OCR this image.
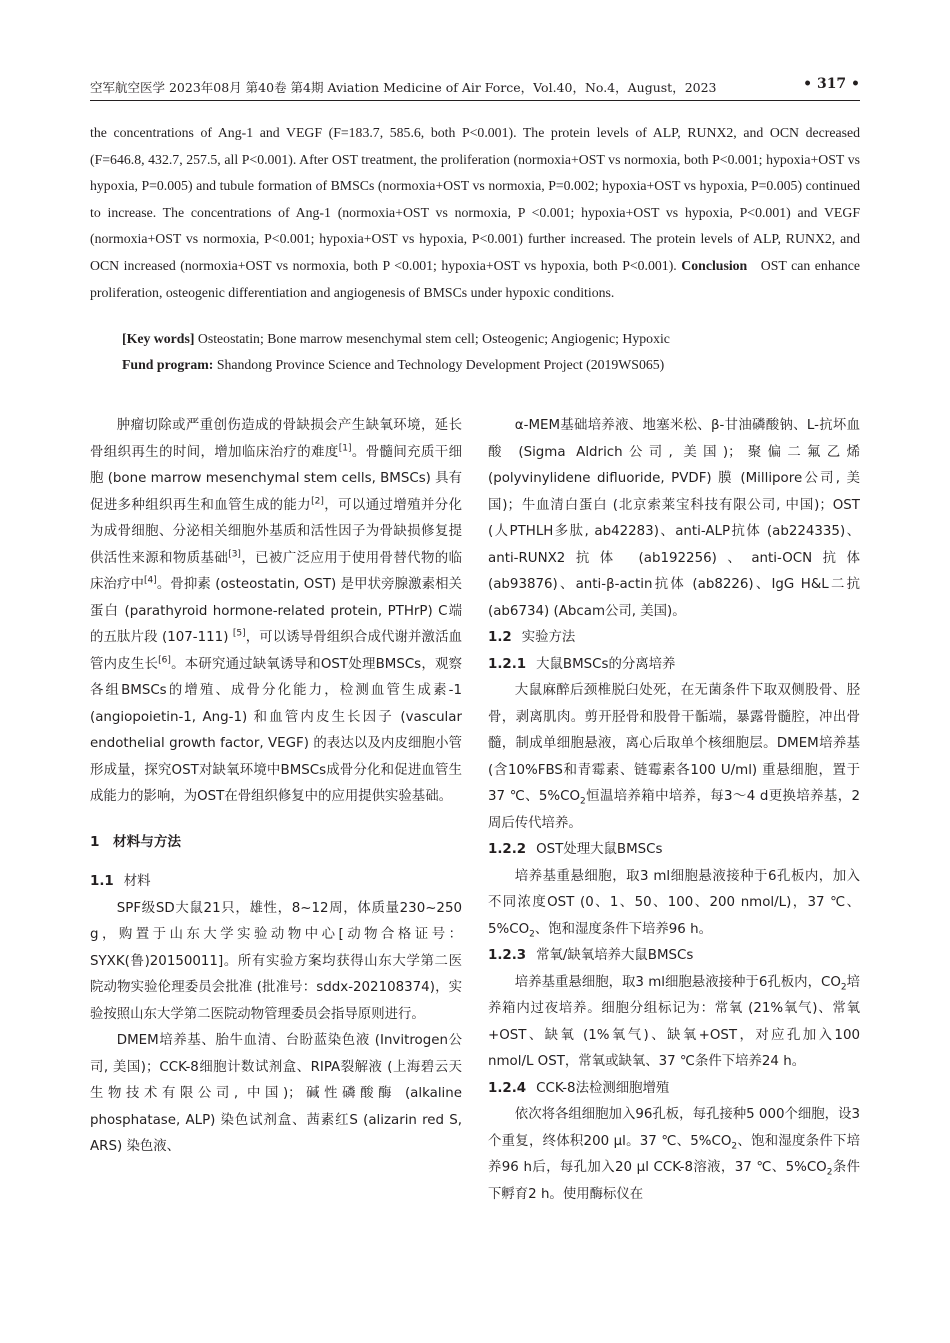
空军航空医学 2023年08月 第40卷 第4期 Aviation Medicine of Air Force，Vol.40，No.4，August，2023	• 317 •

the concentrations of Ang-1 and VEGF (F=183.7, 585.6, both P<0.001). The protein levels of ALP, RUNX2, and OCN decreased (F=646.8, 432.7, 257.5, all P<0.001). After OST treatment, the proliferation (normoxia+OST vs normoxia, both P<0.001; hypoxia+OST vs hypoxia, P=0.005) and tubule formation of BMSCs (normoxia+OST vs normoxia, P=0.002; hypoxia+OST vs hypoxia, P=0.005) continued to increase. The concentrations of Ang-1 (normoxia+OST vs normoxia, P <0.001; hypoxia+OST vs hypoxia, P<0.001) and VEGF (normoxia+OST vs normoxia, P<0.001; hypoxia+OST vs hypoxia, P<0.001) further increased. The protein levels of ALP, RUNX2, and OCN increased (normoxia+OST vs normoxia, both P <0.001; hypoxia+OST vs hypoxia, both P<0.001). Conclusion OST can enhance proliferation, osteogenic differentiation and angiogenesis of BMSCs under hypoxic conditions.

[Key words] Osteostatin; Bone marrow mesenchymal stem cell; Osteogenic; Angiogenic; Hypoxic
Fund program: Shandong Province Science and Technology Development Project (2019WS065)

肿瘤切除或严重创伤造成的骨缺损会产生缺氧环境，延长骨组织再生的时间，增加临床治疗的难度[1]。骨髓间充质干细胞 (bone marrow mesenchymal stem cells, BMSCs) 具有促进多种组织再生和血管生成的能力[2]，可以通过增殖并分化为成骨细胞、分泌相关细胞外基质和活性因子为骨缺损修复提供活性来源和物质基础[3]，已被广泛应用于使用骨替代物的临床治疗中[4]。骨抑素 (osteostatin, OST) 是甲状旁腺激素相关蛋白 (parathyroid hormone-related protein, PTHrP) C端的五肽片段 (107-111) [5]，可以诱导骨组织合成代谢并激活血管内皮生长[6]。本研究通过缺氧诱导和OST处理BMSCs，观察各组BMSCs的增殖、成骨分化能力，检测血管生成素-1 (angiopoietin-1, Ang-1) 和血管内皮生长因子 (vascular endothelial growth factor, VEGF) 的表达以及内皮细胞小管形成量，探究OST对缺氧环境中BMSCs成骨分化和促进血管生成能力的影响，为OST在骨组织修复中的应用提供实验基础。

1　材料与方法

1.1 材料

SPF级SD大鼠21只，雄性，8~12周，体质量230~250 g，购置于山东大学实验动物中心[动物合格证号：SYXK(鲁)20150011]。所有实验方案均获得山东大学第二医院动物实验伦理委员会批准 (批准号：sddx-202108374)，实验按照山东大学第二医院动物管理委员会指导原则进行。

DMEM培养基、胎牛血清、台盼蓝染色液 (Invitrogen公司, 美国)；CCK-8细胞计数试剂盒、RIPA裂解液 (上海碧云天生物技术有限公司, 中国)；碱性磷酸酶 (alkaline phosphatase, ALP) 染色试剂盒、茜素红S (alizarin red S, ARS) 染色液、

α-MEM基础培养液、地塞米松、β-甘油磷酸钠、L-抗坏血酸 (Sigma Aldrich公司, 美国)；聚偏二氟乙烯 (polyvinylidene difluoride, PVDF) 膜 (Millipore公司, 美国)；牛血清白蛋白 (北京索莱宝科技有限公司, 中国)；OST (人PTHLH多肽, ab42283)、anti-ALP抗体 (ab224335)、anti-RUNX2抗体 (ab192256)、anti-OCN抗体 (ab93876)、anti-β-actin抗体 (ab8226)、IgG H&L二抗 (ab6734) (Abcam公司, 美国)。

1.2 实验方法

1.2.1 大鼠BMSCs的分离培养

大鼠麻醉后颈椎脱臼处死，在无菌条件下取双侧股骨、胫骨，剥离肌肉。剪开胫骨和股骨干骺端，暴露骨髓腔，冲出骨髓，制成单细胞悬液，离心后取单个核细胞层。DMEM培养基 (含10%FBS和青霉素、链霉素各100 U/ml) 重悬细胞，置于37 ℃、$5\%CO_2$恒温培养箱中培养，每3～4 d更换培养基，2周后传代培养。

1.2.2 OST处理大鼠BMSCs

培养基重悬细胞，取3 ml细胞悬液接种于6孔板内，加入不同浓度OST (0、1、50、100、200 nmol/L)，37 ℃、$5\%CO_2$、饱和湿度条件下培养96 h。

1.2.3 常氧/缺氧培养大鼠BMSCs

培养基重悬细胞，取3 ml细胞悬液接种于6孔板内，$CO_2$培养箱内过夜培养。细胞分组标记为：常氧 (21%氧气)、常氧+OST、缺氧 (1%氧气)、缺氧+OST，对应孔加入100 nmol/L OST，常氧或缺氧、37 ℃条件下培养24 h。

1.2.4 CCK-8法检测细胞增殖

依次将各组细胞加入96孔板，每孔接种5 000个细胞，设3个重复，终体积200 μl。37 ℃、$5\%CO_2$、饱和湿度条件下培养96 h后，每孔加入20 μl CCK-8溶液，37 ℃、$5\%CO_2$条件下孵育2 h。使用酶标仪在
